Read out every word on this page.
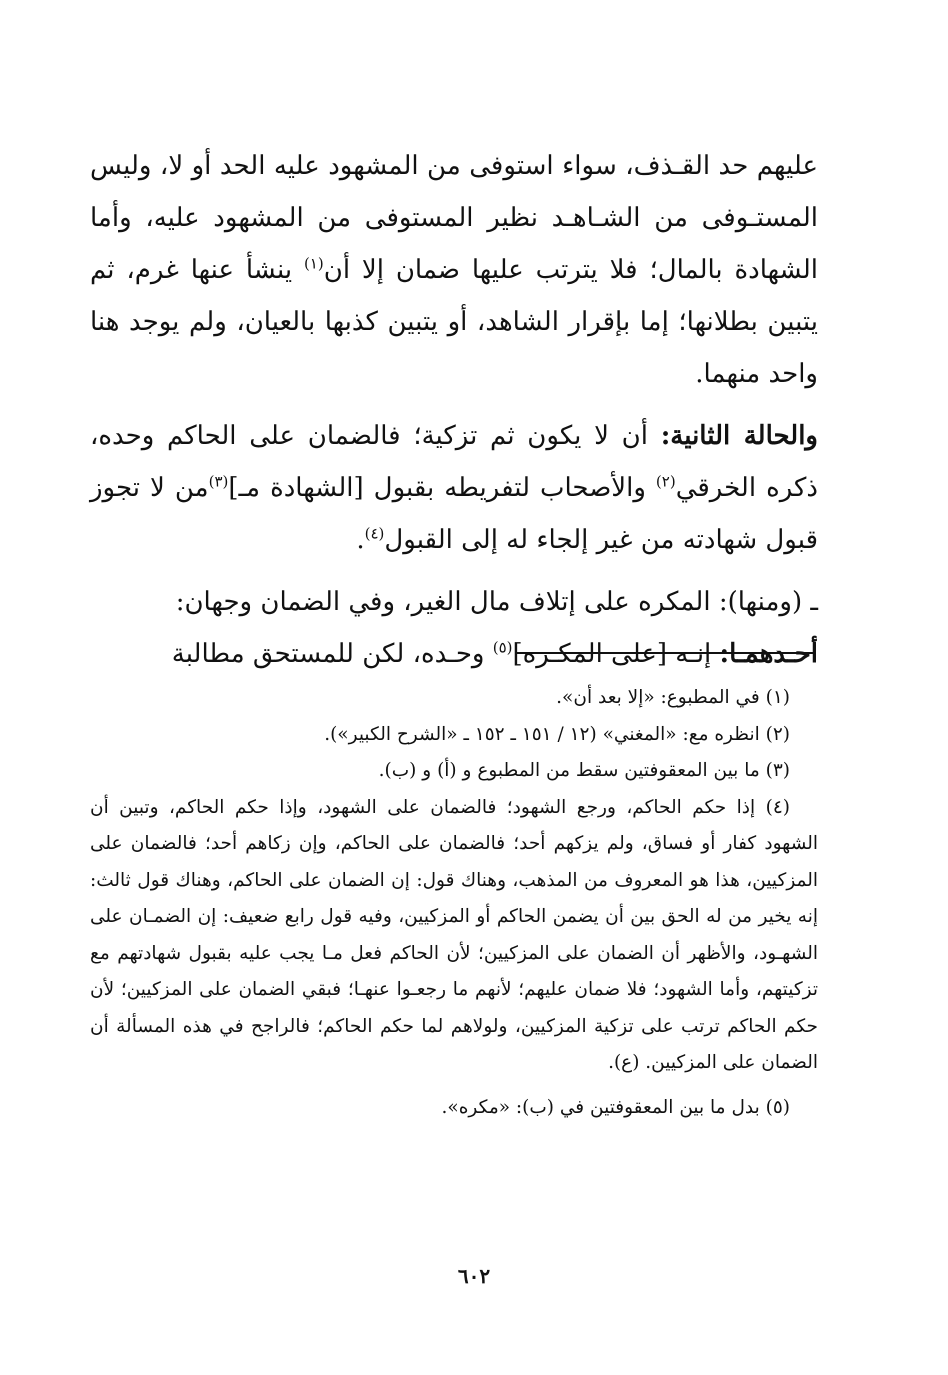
عليهم حد القـذف، سواء استوفى من المشهود عليه الحد أو لا، وليس المستـوفى من الشـاهـد نظير المستوفى من المشهود عليه، وأما الشهادة بالمال؛ فلا يترتب عليها ضمان إلا أن$^{(١)}$ ينشأ عنها غرم، ثم يتبين بطلانها؛ إما بإقرار الشاهد، أو يتبين كذبها بالعيان، ولم يوجد هنا واحد منهما.

والحالة الثانية: أن لا يكون ثم تزكية؛ فالضمان على الحاكم وحده، ذكره الخرقي$^{(٢)}$ والأصحاب لتفريطه بقبول [الشهادة مـ]$^{(٣)}$من لا تجوز قبول شهادته من غير إلجاء له إلى القبول$^{(٤)}$.

ـ (ومنها): المكره على إتلاف مال الغير، وفي الضمان وجهان:

أحـدهمـا: إنـه [على المكـره]$^{(٥)}$ وحـده، لكن للمستحق مطالبة

(١) في المطبوع: «إلا بعد أن».

(٢) انظره مع: «المغني» (١٢ / ١٥١ ـ ١٥٢ ـ «الشرح الكبير»).

(٣) ما بين المعقوفتين سقط من المطبوع و (أ) و (ب).

(٤) إذا حكم الحاكم، ورجع الشهود؛ فالضمان على الشهود، وإذا حكم الحاكم، وتبين أن الشهود كفار أو فساق، ولم يزكهم أحد؛ فالضمان على الحاكم، وإن زكاهم أحد؛ فالضمان على المزكيين، هذا هو المعروف من المذهب، وهناك قول: إن الضمان على الحاكم، وهناك قول ثالث: إنه يخير من له الحق بين أن يضمن الحاكم أو المزكيين، وفيه قول رابع ضعيف: إن الضمـان على الشهـود، والأظهر أن الضمان على المزكيين؛ لأن الحاكم فعل مـا يجب عليه بقبول شهادتهم مع تزكيتهم، وأما الشهود؛ فلا ضمان عليهم؛ لأنهم ما رجعـوا عنهـا؛ فبقي الضمان على المزكيين؛ لأن حكم الحاكم ترتب على تزكية المزكيين، ولولاهم لما حكم الحاكم؛ فالراجح في هذه المسألة أن الضمان على المزكيين. (ع).

(٥) بدل ما بين المعقوفتين في (ب): «مكره».

٦٠٢
